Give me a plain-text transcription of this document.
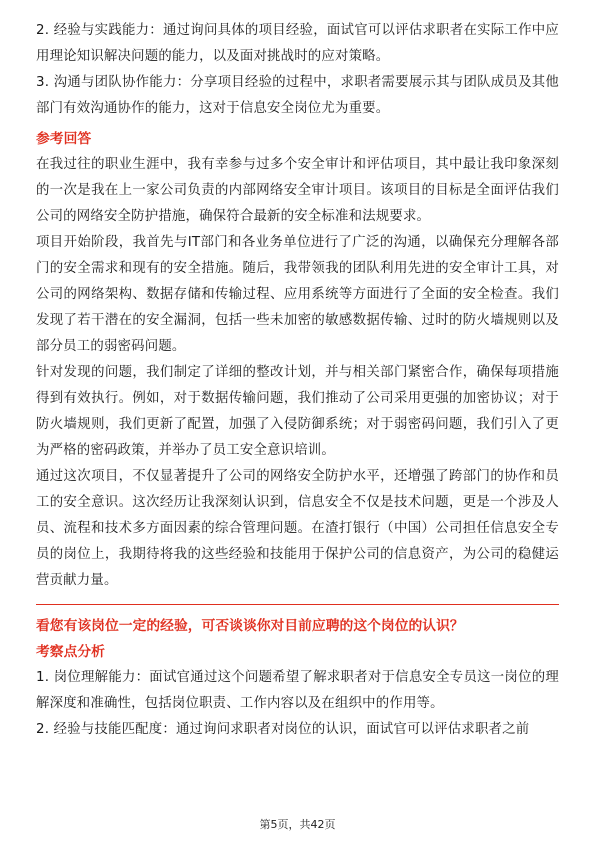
2. 经验与实践能力：通过询问具体的项目经验，面试官可以评估求职者在实际工作中应用理论知识解决问题的能力，以及面对挑战时的应对策略。

3. 沟通与团队协作能力：分享项目经验的过程中，求职者需要展示其与团队成员及其他部门有效沟通协作的能力，这对于信息安全岗位尤为重要。

参考回答

在我过往的职业生涯中，我有幸参与过多个安全审计和评估项目，其中最让我印象深刻的一次是我在上一家公司负责的内部网络安全审计项目。该项目的目标是全面评估我们公司的网络安全防护措施，确保符合最新的安全标准和法规要求。

项目开始阶段，我首先与IT部门和各业务单位进行了广泛的沟通，以确保充分理解各部门的安全需求和现有的安全措施。随后，我带领我的团队利用先进的安全审计工具，对公司的网络架构、数据存储和传输过程、应用系统等方面进行了全面的安全检查。我们发现了若干潜在的安全漏洞，包括一些未加密的敏感数据传输、过时的防火墙规则以及部分员工的弱密码问题。

针对发现的问题，我们制定了详细的整改计划，并与相关部门紧密合作，确保每项措施得到有效执行。例如，对于数据传输问题，我们推动了公司采用更强的加密协议；对于防火墙规则，我们更新了配置，加强了入侵防御系统；对于弱密码问题，我们引入了更为严格的密码政策，并举办了员工安全意识培训。

通过这次项目，不仅显著提升了公司的网络安全防护水平，还增强了跨部门的协作和员工的安全意识。这次经历让我深刻认识到，信息安全不仅是技术问题，更是一个涉及人员、流程和技术多方面因素的综合管理问题。在渣打银行（中国）公司担任信息安全专员的岗位上，我期待将我的这些经验和技能用于保护公司的信息资产，为公司的稳健运营贡献力量。

看您有该岗位一定的经验，可否谈谈你对目前应聘的这个岗位的认识？

考察点分析

1. 岗位理解能力：面试官通过这个问题希望了解求职者对于信息安全专员这一岗位的理解深度和准确性，包括岗位职责、工作内容以及在组织中的作用等。

2. 经验与技能匹配度：通过询问求职者对岗位的认识，面试官可以评估求职者之前

第5页，共42页
